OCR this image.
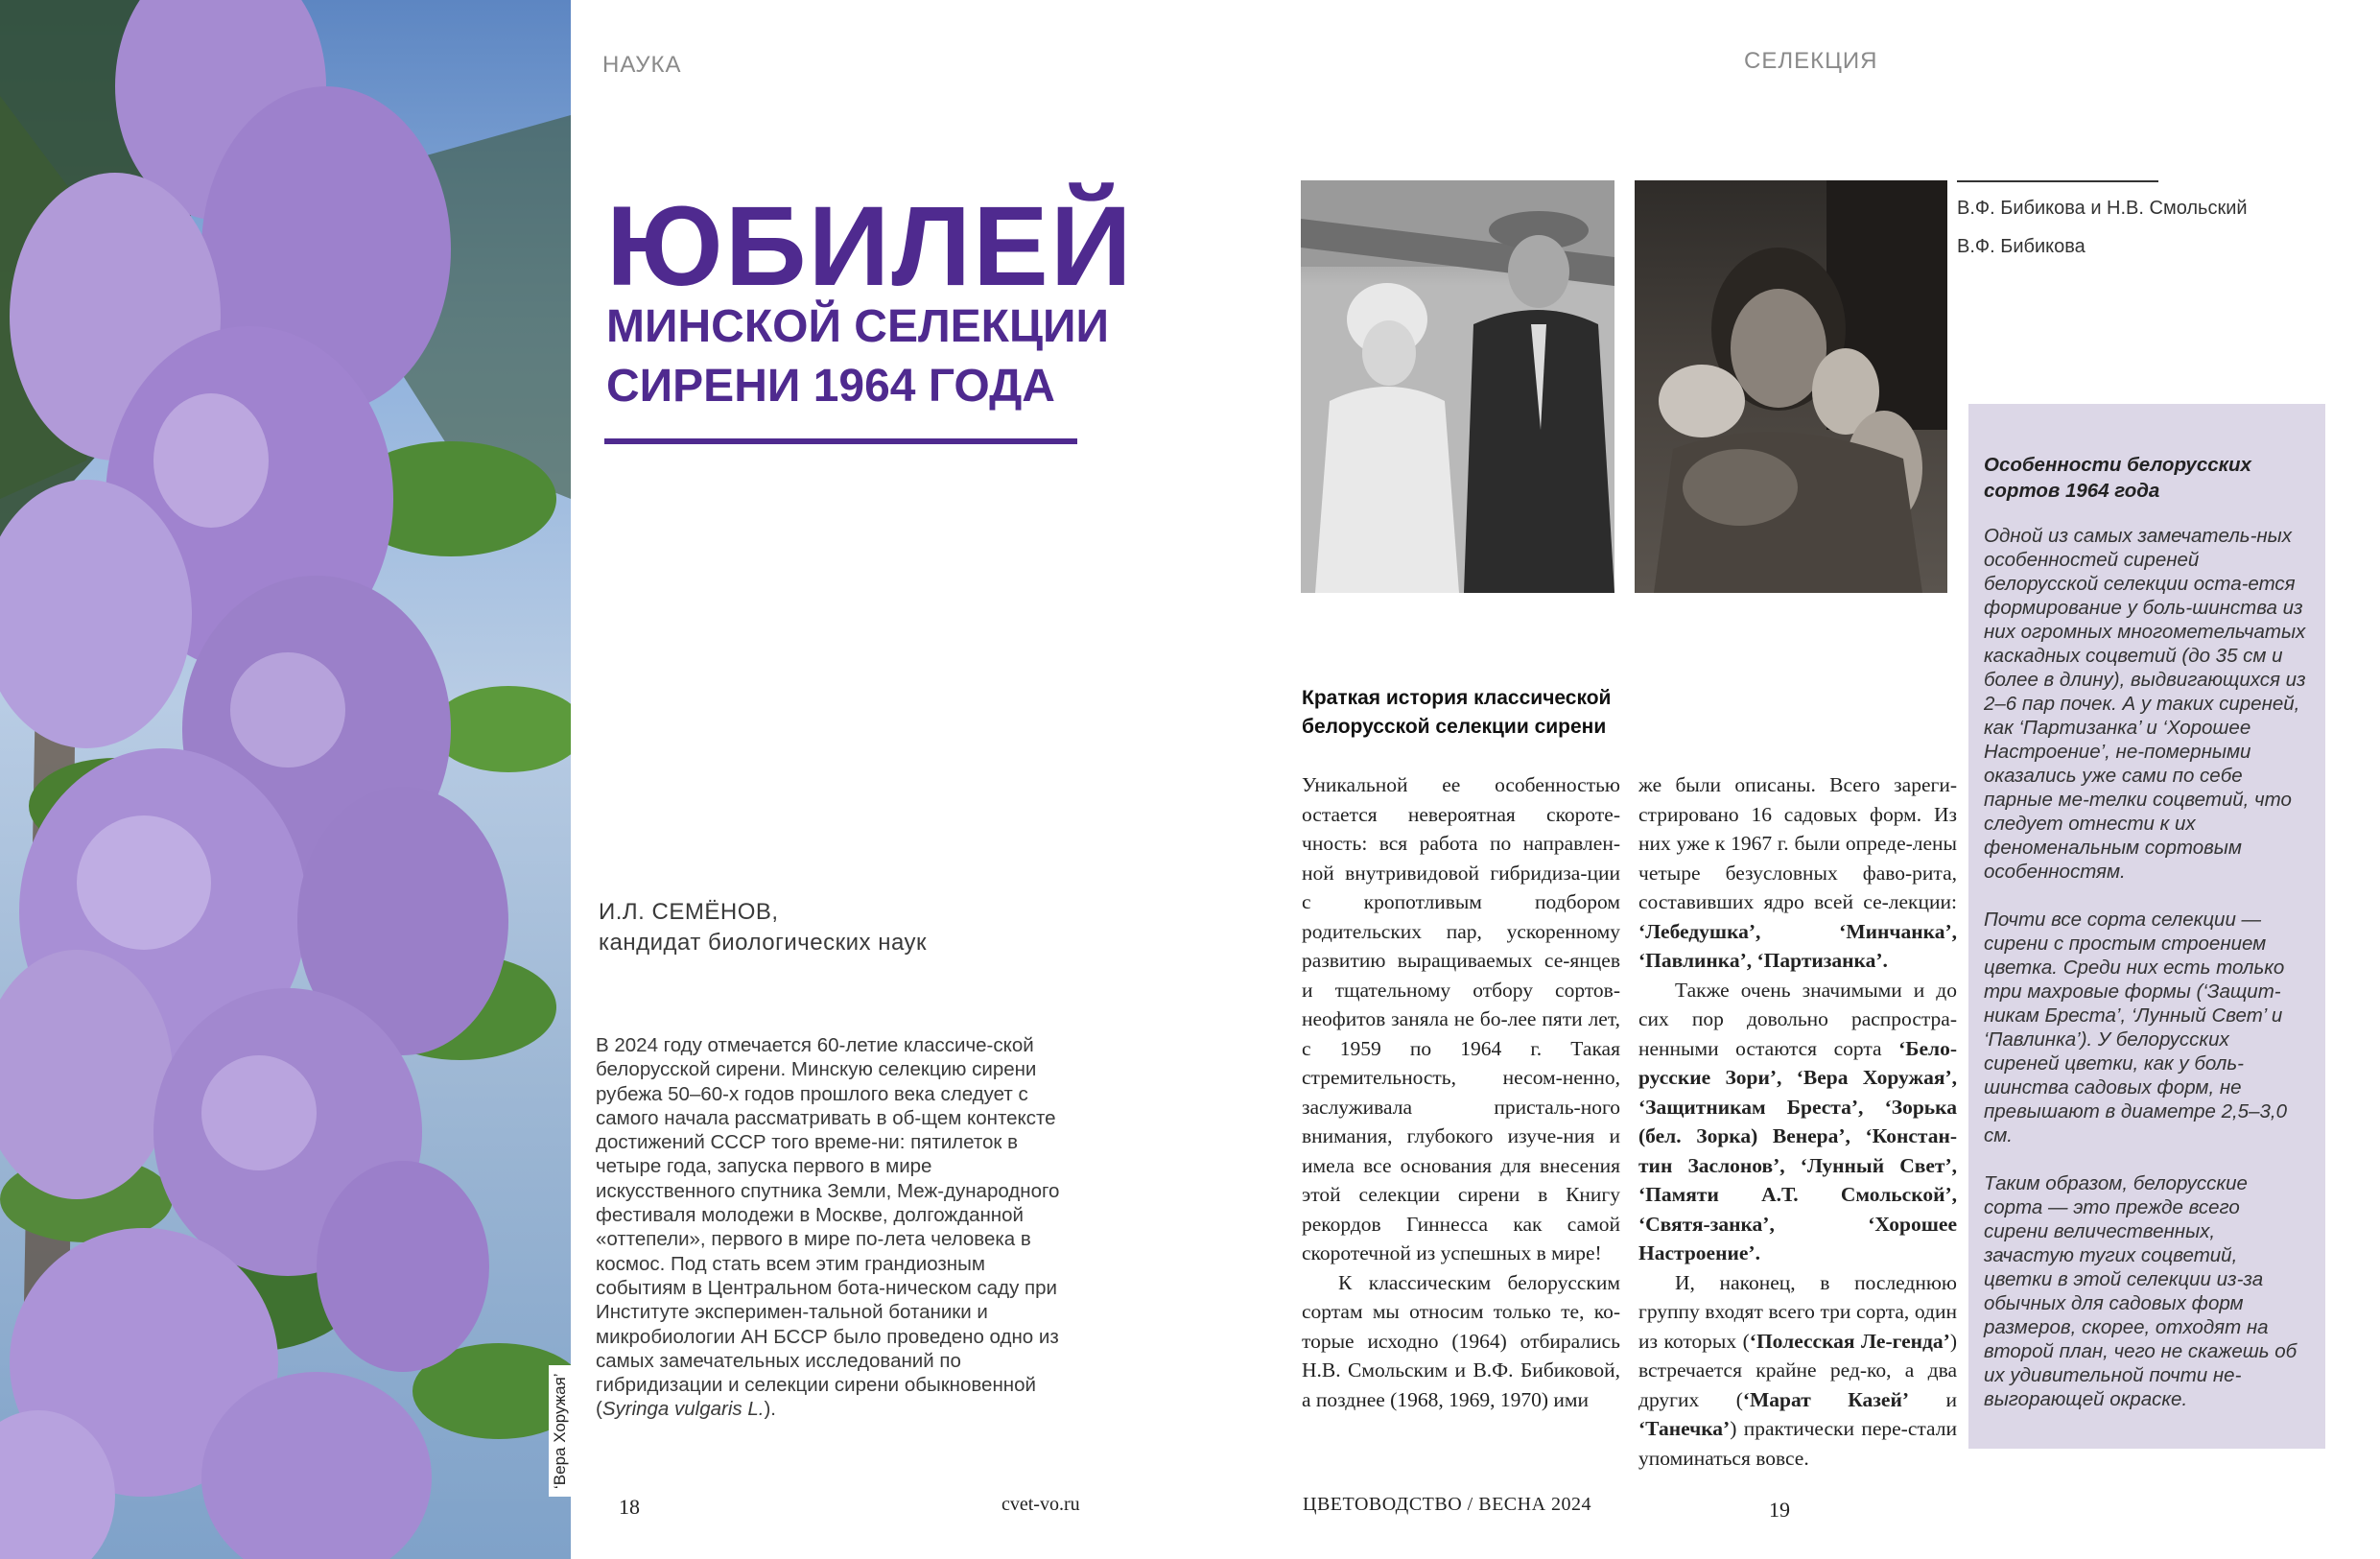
‘Вера Хоружая’
НАУКА
ЮБИЛЕЙ
МИНСКОЙ СЕЛЕКЦИИ
СИРЕНИ 1964 ГОДА
И.Л. СЕМЁНОВ,
кандидат биологических наук
В 2024 году отмечается 60-летие классиче-ской белорусской сирени. Минскую селекцию сирени рубежа 50–60-х годов прошлого века следует с самого начала рассматривать в об-щем контексте достижений СССР того време-ни: пятилеток в четыре года, запуска первого в мире искусственного спутника Земли, Меж-дународного фестиваля молодежи в Москве, долгожданной «оттепели», первого в мире по-лета человека в космос. Под стать всем этим грандиозным событиям в Центральном бота-ническом саду при Институте эксперимен-тальной ботаники и микробиологии АН БССР было проведено одно из самых замечательных исследований по гибридизации и селекции сирени обыкновенной (Syringa vulgaris L.).
18	cvet-vo.ru
СЕЛЕКЦИЯ
В.Ф. Бибикова и Н.В. Смольский
В.Ф. Бибикова
Краткая история классической
белорусской селекции сирени

Уникальной ее особенностью остается невероятная скороте-чность: вся работа по направлен-ной внутривидовой гибридиза-ции с кропотливым подбором родительских пар, ускоренному развитию выращиваемых се-янцев и тщательному отбору сортов-неофитов заняла не бо-лее пяти лет, с 1959 по 1964 г. Такая стремительность, несом-ненно, заслуживала присталь-ного внимания, глубокого изуче-ния и имела все основания для внесения этой селекции сирени в Книгу рекордов Гиннесса как самой скоротечной из успешных в мире!

К классическим белорусским сортам мы относим только те, ко-торые исходно (1964) отбирались Н.В. Смольским и В.Ф. Бибиковой, а позднее (1968, 1969, 1970) ими

же были описаны. Всего зареги-стрировано 16 садовых форм. Из них уже к 1967 г. были опреде-лены четыре безусловных фаво-рита, составивших ядро всей се-лекции: ‘Лебедушка’, ‘Минчанка’, ‘Павлинка’, ‘Партизанка’.

Также очень значимыми и до сих пор довольно распростра-ненными остаются сорта ‘Бело-русские Зори’, ‘Вера Хоружая’, ‘Защитникам Бреста’, ‘Зорька (бел. Зорка) Венера’, ‘Констан-тин Заслонов’, ‘Лунный Свет’, ‘Памяти А.Т. Смольской’, ‘Святя-занка’, ‘Хорошее Настроение’.

И, наконец, в последнюю группу входят всего три сорта, один из которых (‘Полесская Ле-генда’) встречается крайне ред-ко, а два других (‘Марат Казей’ и ‘Танечка’) практически пере-стали упоминаться вовсе.

Особенности белорусских сортов 1964 года

Одной из самых замечатель-ных особенностей сиреней белорусской селекции оста-ется формирование у боль-шинства из них огромных многометельчатых каскадных соцветий (до 35 см и более в длину), выдвигающихся из 2–6 пар почек. А у таких сиреней, как ‘Партизанка’ и ‘Хорошее Настроение’, не-померными оказались уже сами по себе парные ме-телки соцветий, что следует отнести к их феноменальным сортовым особенностям.

Почти все сорта селекции — сирени с простым строением цветка. Среди них есть только три махровые формы (‘Защит-никам Бреста’, ‘Лунный Свет’ и ‘Павлинка’). У белорусских сиреней цветки, как у боль-шинства садовых форм, не превышают в диаметре 2,5–3,0 см.

Таким образом, белорусские сорта — это прежде всего сирени величественных, зачастую тугих соцветий, цветки в этой селекции из-за обычных для садовых форм размеров, скорее, отходят на второй план, чего не скажешь об их удивительной почти не-выгорающей окраске.

ЦВЕТОВОДСТВО / ВЕСНА 2024	19
